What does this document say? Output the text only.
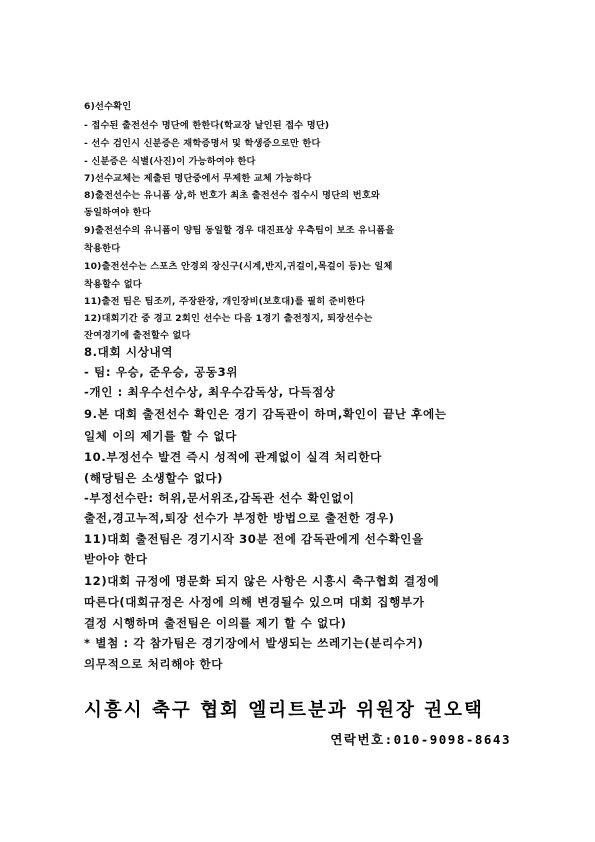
6)선수확인
- 접수된 출전선수 명단에 한한다(학교장 날인된 접수 명단)
- 선수 검인시 신분증은 재학증명서 및 학생증으로만 한다
- 신분증은 식별(사진)이 가능하여야 한다
7)선수교체는 제출된 명단중에서 무제한 교체 가능하다
8)출전선수는 유니폼 상,하 번호가 최초 출전선수 접수시 명단의 번호와
동일하여야 한다
9)출전선수의 유니폼이 양팀 동일할 경우 대진표상 우측팀이 보조 유니폼을
착용한다
10)출전선수는 스포츠 안경외 장신구(시계,반지,귀걸이,목걸이 등)는 일체
착용할수 없다
11)출전 팀은 팀조끼, 주장완장, 개인장비(보호대)를 필히 준비한다
12)대회기간 중 경고 2회인 선수는 다음 1경기 출전정지, 퇴장선수는
잔여경기에 출전할수 없다
8.대회 시상내역
- 팀: 우승, 준우승, 공동3위
-개인 : 최우수선수상, 최우수감독상, 다득점상
9.본 대회 출전선수 확인은 경기 감독관이 하며,확인이 끝난 후에는
일체 이의 제기를 할 수 없다
10.부정선수 발견 즉시 성적에 관계없이 실격 처리한다
(해당팀은 소생할수 없다)
-부정선수란: 허위,문서위조,감독관 선수 확인없이
출전,경고누적,퇴장 선수가 부정한 방법으로 출전한 경우)
11)대회 출전팀은 경기시작 30분 전에 감독관에게 선수확인을
받아야 한다
12)대회 규정에 명문화 되지 않은 사항은 시흥시 축구협회 결정에
따른다(대회규정은 사정에 의해 변경될수 있으며 대회 집행부가
결정 시행하며 출전팀은 이의를 제기 할 수 없다)
* 별첨 : 각 참가팀은 경기장에서 발생되는 쓰레기는(분리수거)
의무적으로 처리해야 한다
시흥시 축구 협회 엘리트분과 위원장 권오택
연락번호:010-9098-8643
